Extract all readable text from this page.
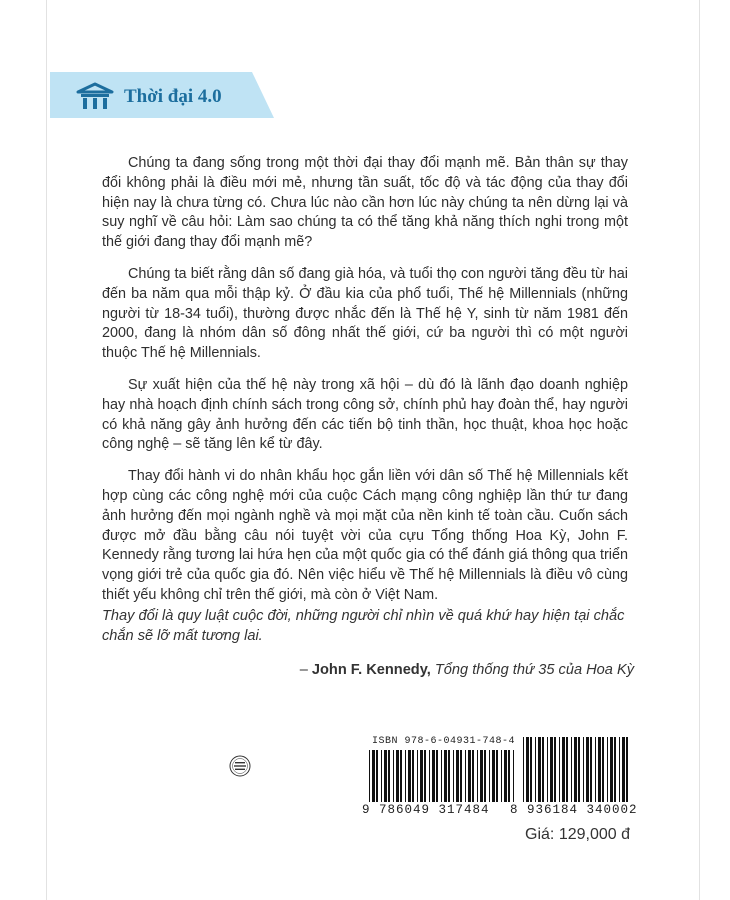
Thời đại 4.0

Chúng ta đang sống trong một thời đại thay đổi mạnh mẽ. Bản thân sự thay đổi không phải là điều mới mẻ, nhưng tần suất, tốc độ và tác động của thay đổi hiện nay là chưa từng có. Chưa lúc nào cần hơn lúc này chúng ta nên dừng lại và suy nghĩ về câu hỏi: Làm sao chúng ta có thể tăng khả năng thích nghi trong một thế giới đang thay đổi mạnh mẽ?

Chúng ta biết rằng dân số đang già hóa, và tuổi thọ con người tăng đều từ hai đến ba năm qua mỗi thập kỷ. Ở đầu kia của phổ tuổi, Thế hệ Millennials (những người từ 18-34 tuổi), thường được nhắc đến là Thế hệ Y, sinh từ năm 1981 đến 2000, đang là nhóm dân số đông nhất thế giới, cứ ba người thì có một người thuộc Thế hệ Millennials.

Sự xuất hiện của thế hệ này trong xã hội – dù đó là lãnh đạo doanh nghiệp hay nhà hoạch định chính sách trong công sở, chính phủ hay đoàn thể, hay người có khả năng gây ảnh hưởng đến các tiến bộ tinh thần, học thuật, khoa học hoặc công nghệ – sẽ tăng lên kể từ đây.

Thay đổi hành vi do nhân khẩu học gắn liền với dân số Thế hệ Millennials kết hợp cùng các công nghệ mới của cuộc Cách mạng công nghiệp lần thứ tư đang ảnh hưởng đến mọi ngành nghề và mọi mặt của nền kinh tế toàn cầu. Cuốn sách được mở đầu bằng câu nói tuyệt vời của cựu Tổng thống Hoa Kỳ, John F. Kennedy rằng tương lai hứa hẹn của một quốc gia có thể đánh giá thông qua triển vọng giới trẻ của quốc gia đó. Nên việc hiểu về Thế hệ Millennials là điều vô cùng thiết yếu không chỉ trên thế giới, mà còn ở Việt Nam.

Thay đổi là quy luật cuộc đời, những người chỉ nhìn về quá khứ hay hiện tại chắc chắn sẽ lỡ mất tương lai.
– John F. Kennedy, Tổng thống thứ 35 của Hoa Kỳ
ISBN 978-6-04931-748-4
9 786049 317484 8 936184 340002
Giá: 129,000 đ
